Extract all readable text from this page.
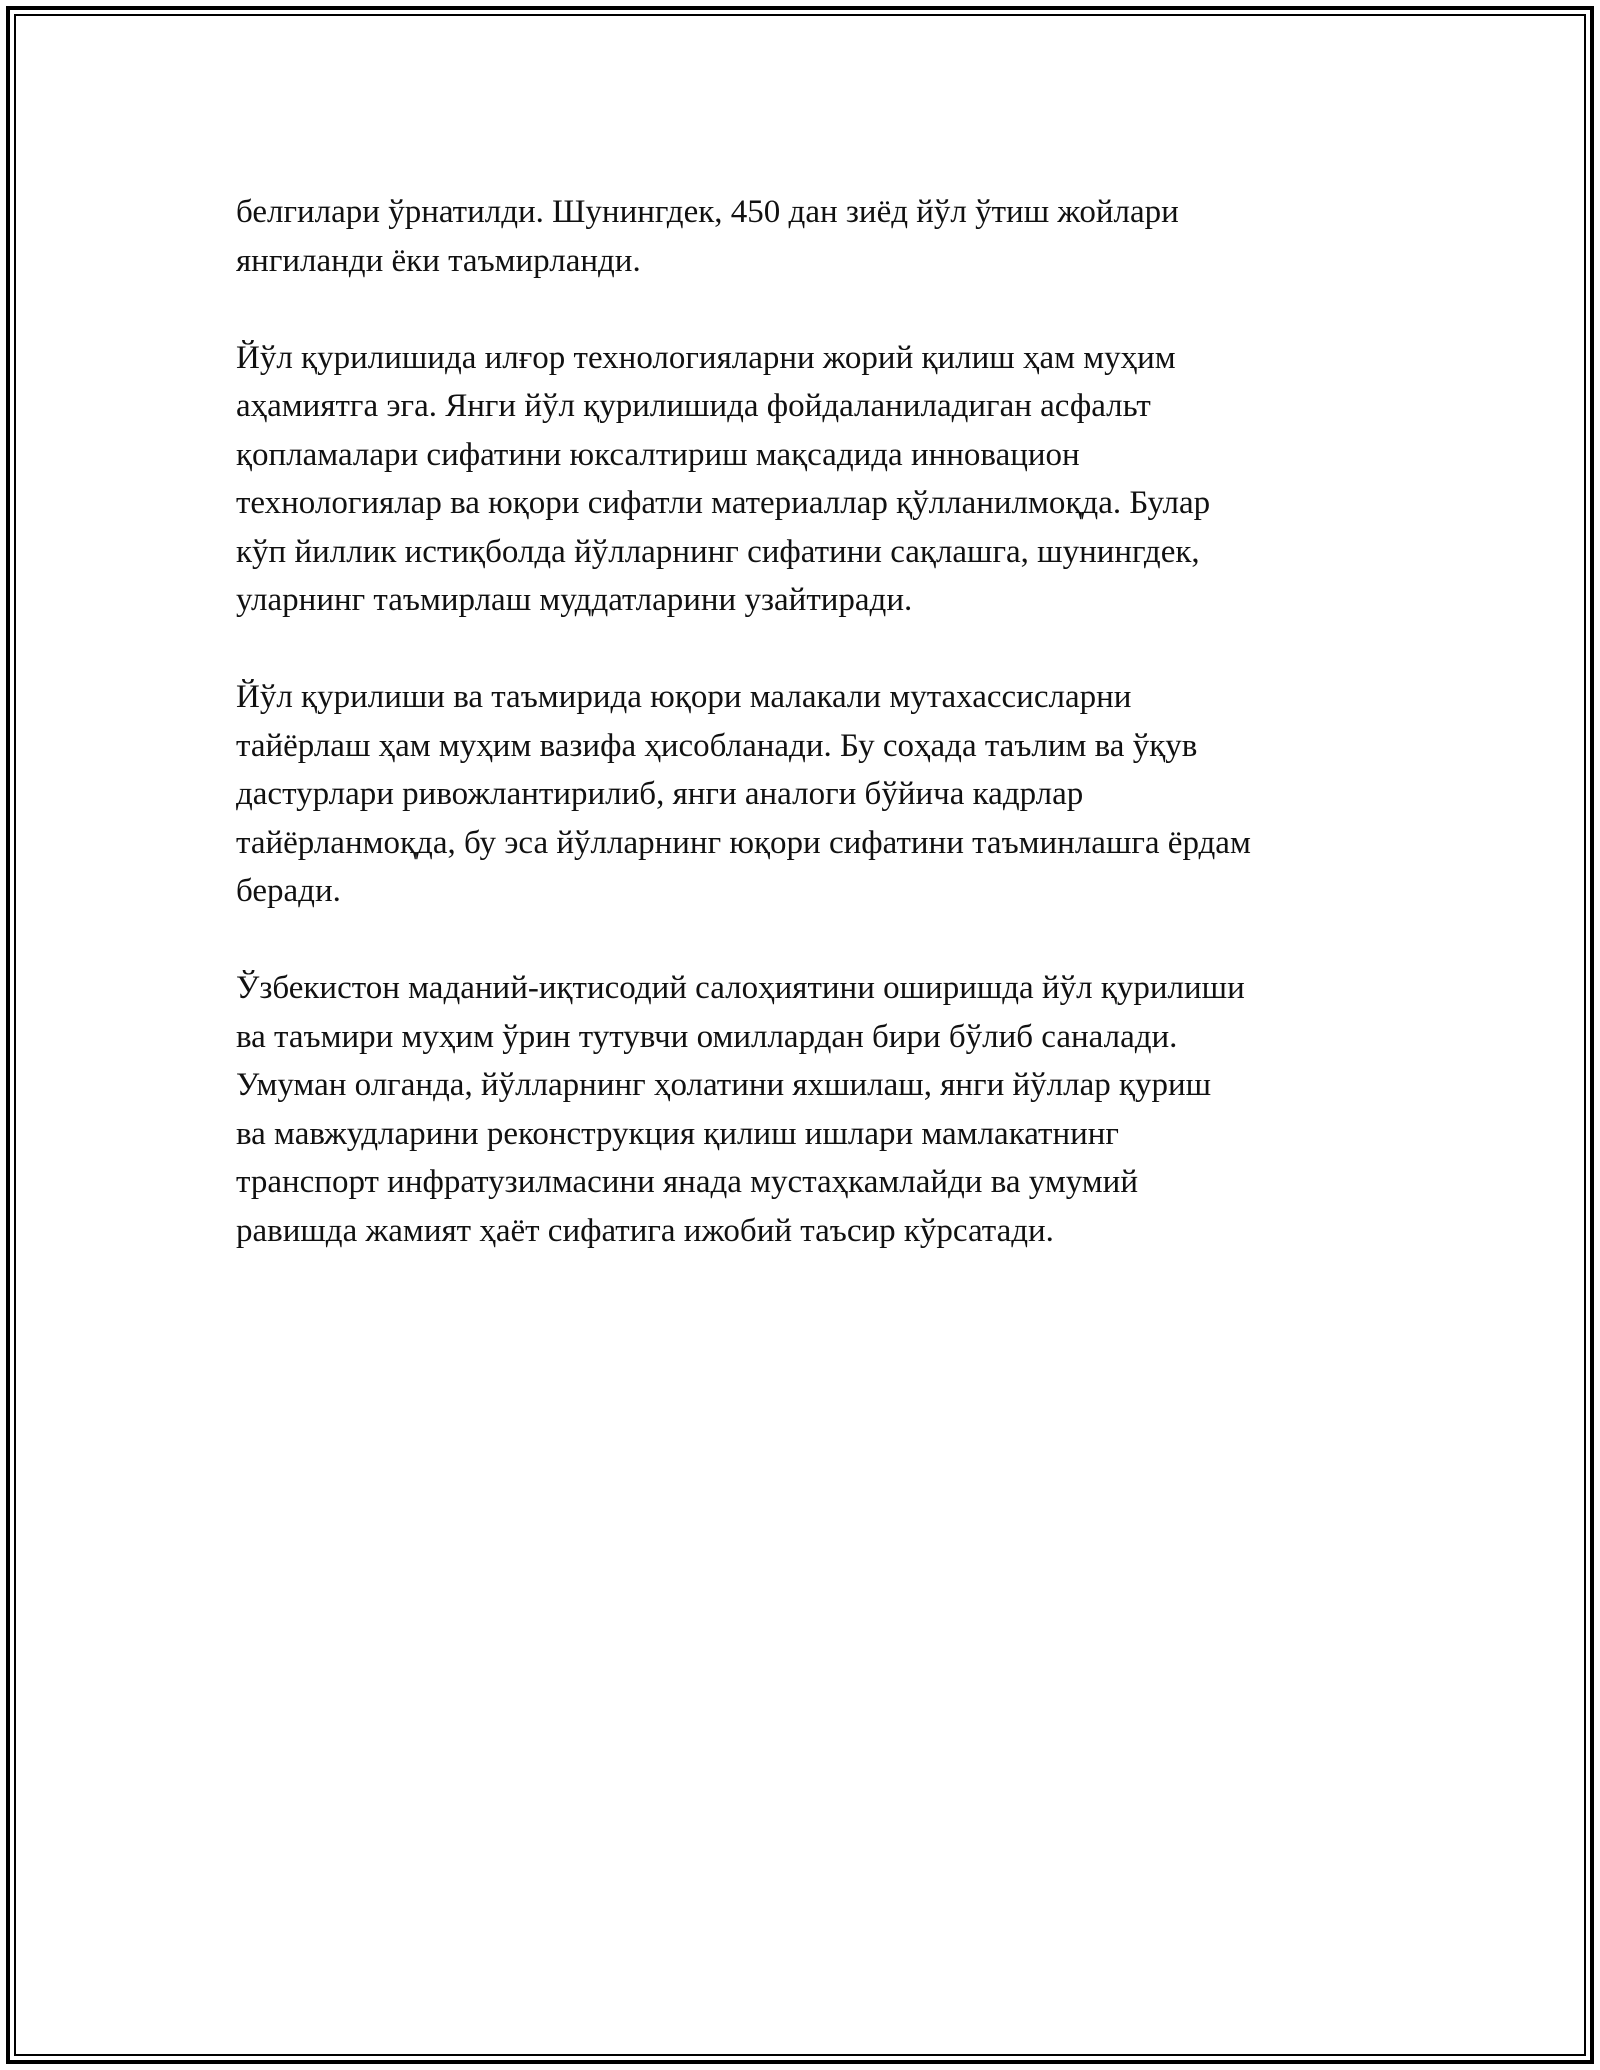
белгилари ўрнатилди. Шунингдек, 450 дан зиёд йўл ўтиш жойлари
янгиланди ёки таъмирланди.

Йўл қурилишида илғор технологияларни жорий қилиш ҳам муҳим
аҳамиятга эга. Янги йўл қурилишида фойдаланиладиган асфальт
қопламалари сифатини юксалтириш мақсадида инновацион
технологиялар ва юқори сифатли материаллар қўлланилмоқда. Булар
кўп йиллик истиқболда йўлларнинг сифатини сақлашга, шунингдек,
уларнинг таъмирлаш муддатларини узайтиради.

Йўл қурилиши ва таъмирида юқори малакали мутахассисларни
тайёрлаш ҳам муҳим вазифа ҳисобланади. Бу соҳада таълим ва ўқув
дастурлари ривожлантирилиб, янги аналоги бўйича кадрлар
тайёрланмоқда, бу эса йўлларнинг юқори сифатини таъминлашга ёрдам
беради.

Ўзбекистон маданий-иқтисодий салоҳиятини оширишда йўл қурилиши
ва таъмири муҳим ўрин тутувчи омиллардан бири бўлиб саналади.
Умуман олганда, йўлларнинг ҳолатини яхшилаш, янги йўллар қуриш
ва мавжудларини реконструкция қилиш ишлари мамлакатнинг
транспорт инфратузилмасини янада мустаҳкамлайди ва умумий
равишда жамият ҳаёт сифатига ижобий таъсир кўрсатади.
